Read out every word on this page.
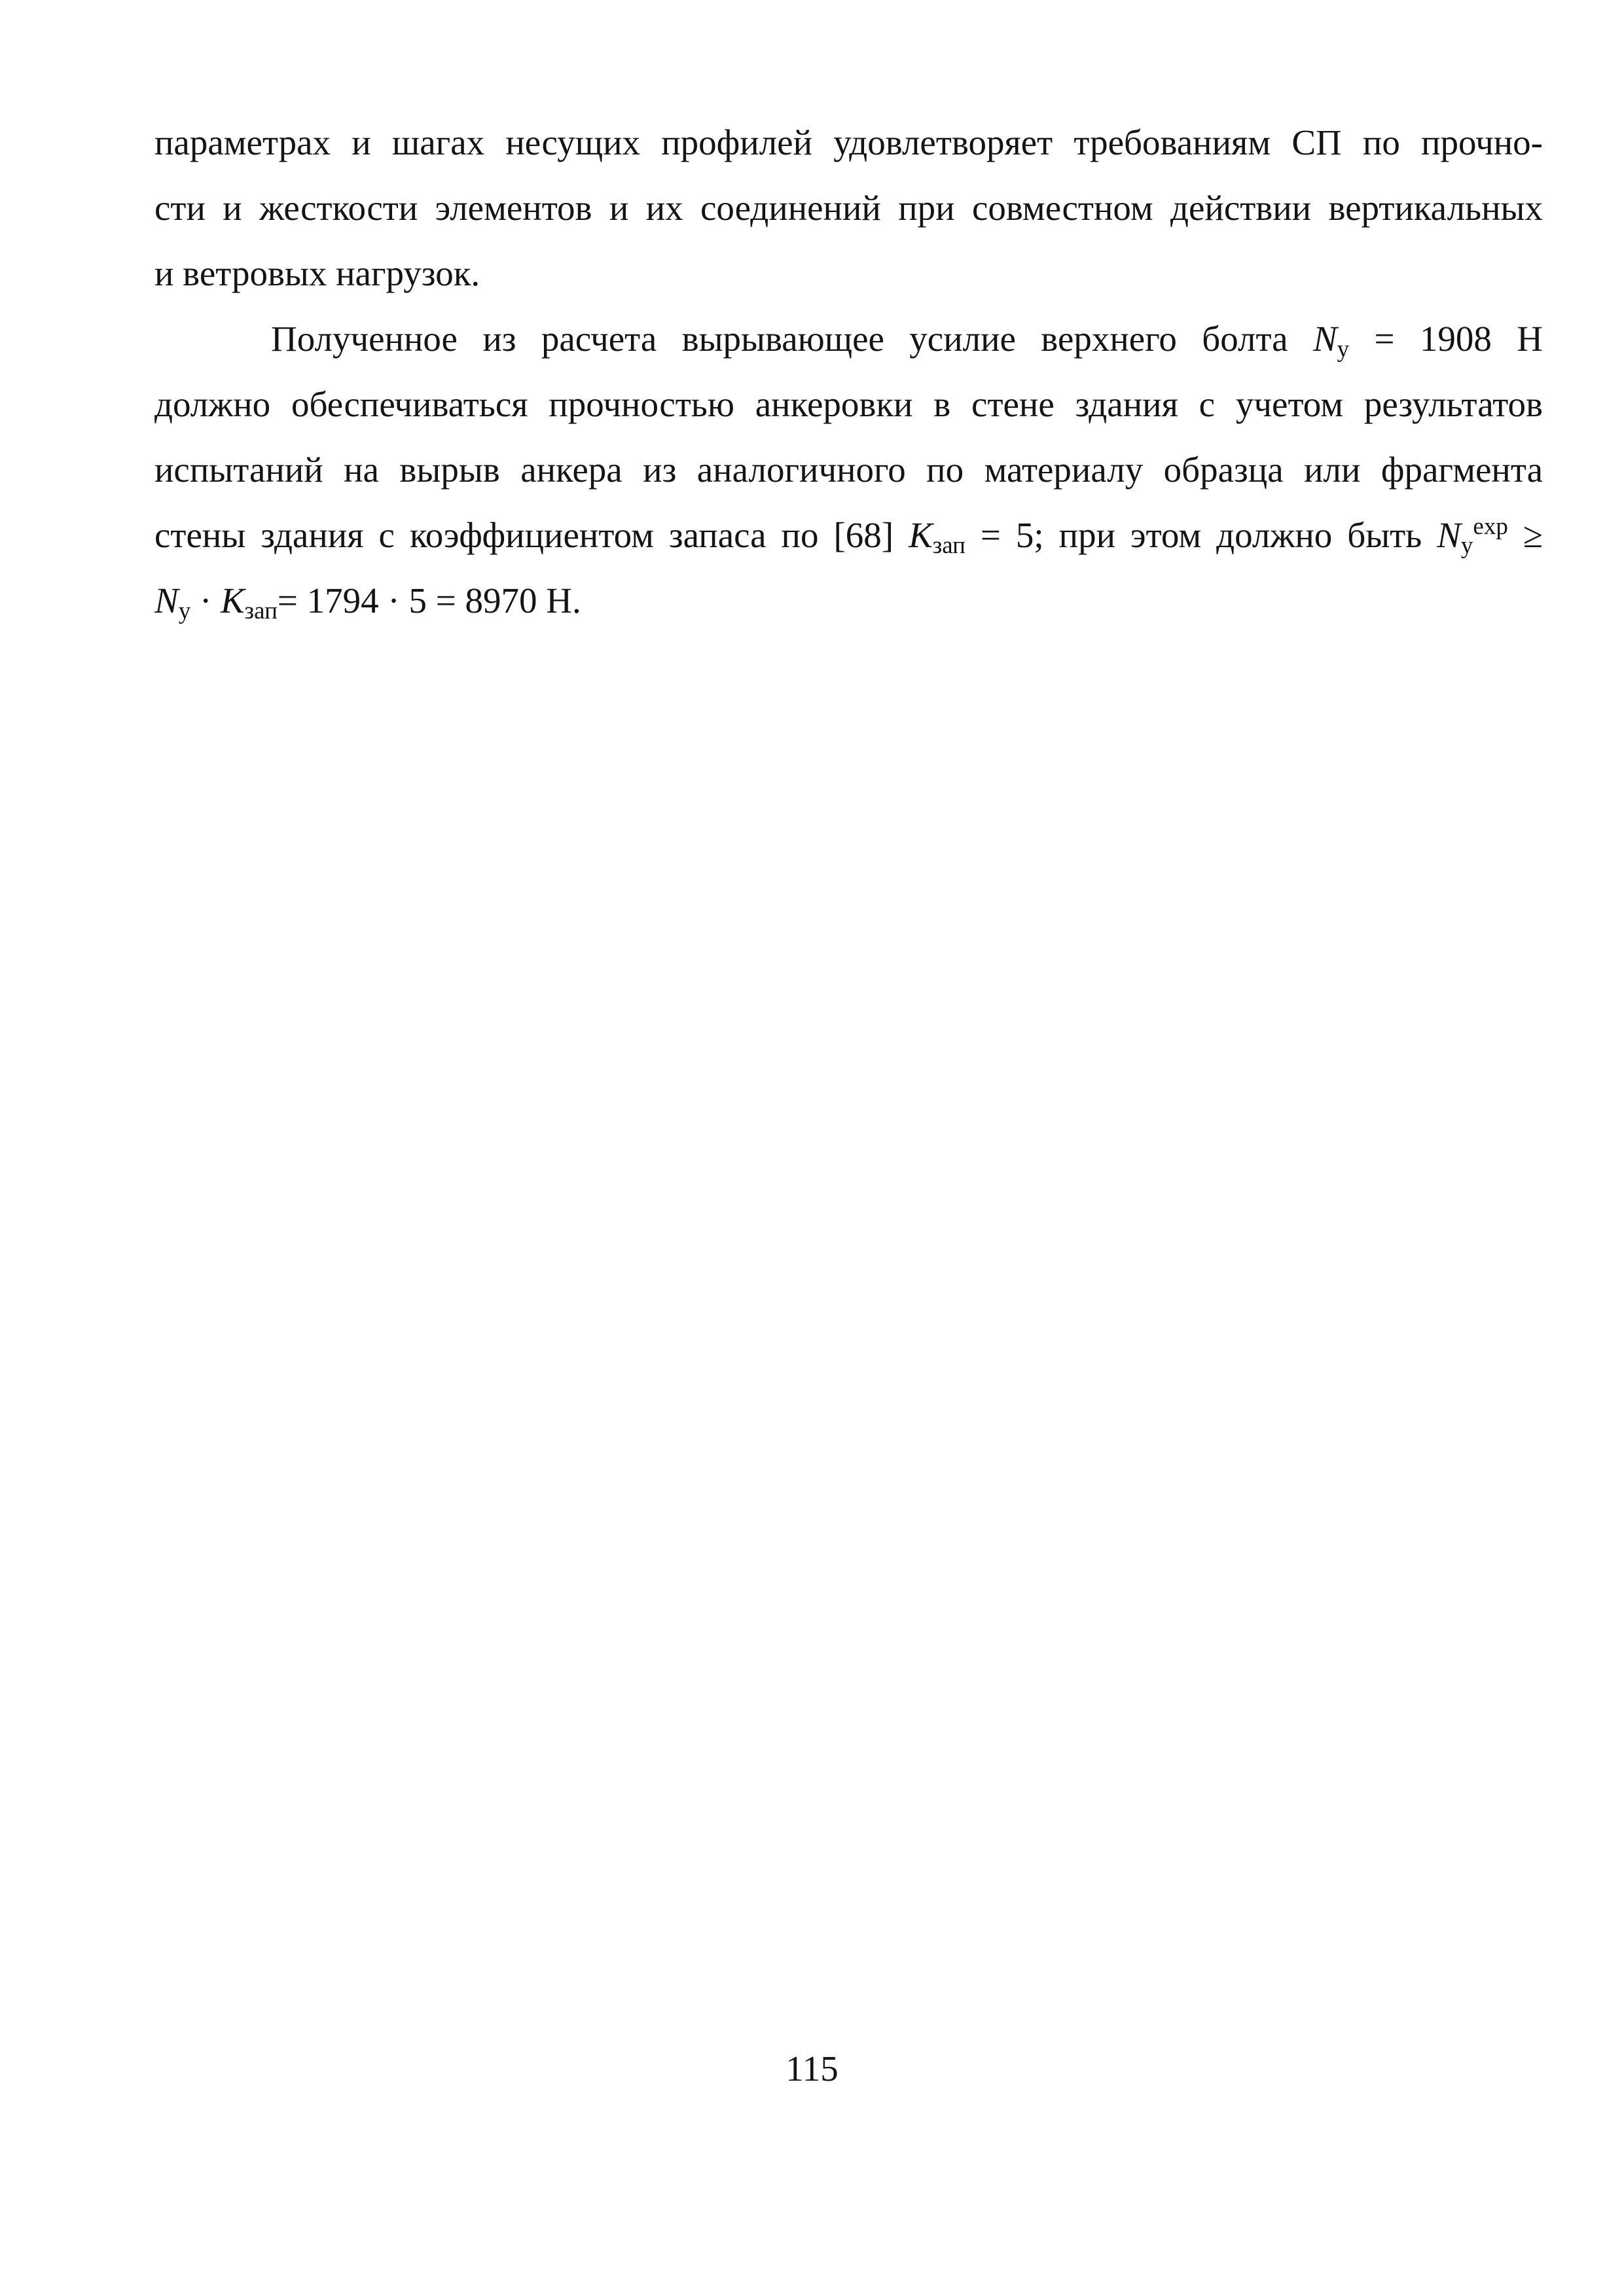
параметрах и шагах несущих профилей удовлетворяет требованиям СП по прочно-
сти и жесткости элементов и их соединений при совместном действии вертикальных
и ветровых нагрузок.
Полученное из расчета вырывающее усилие верхнего болта $N_у = 1908$ Н
должно обеспечиваться прочностью анкеровки в стене здания с учетом результатов
испытаний на вырыв анкера из аналогичного по материалу образца или фрагмента
стены здания с коэффициентом запаса по [68] $К_{зап} = 5$; при этом должно быть $N_у^{exp}$ ≥
$N_у \cdot К_{зап}= 1794 \cdot 5 = 8970$ Н.
115
